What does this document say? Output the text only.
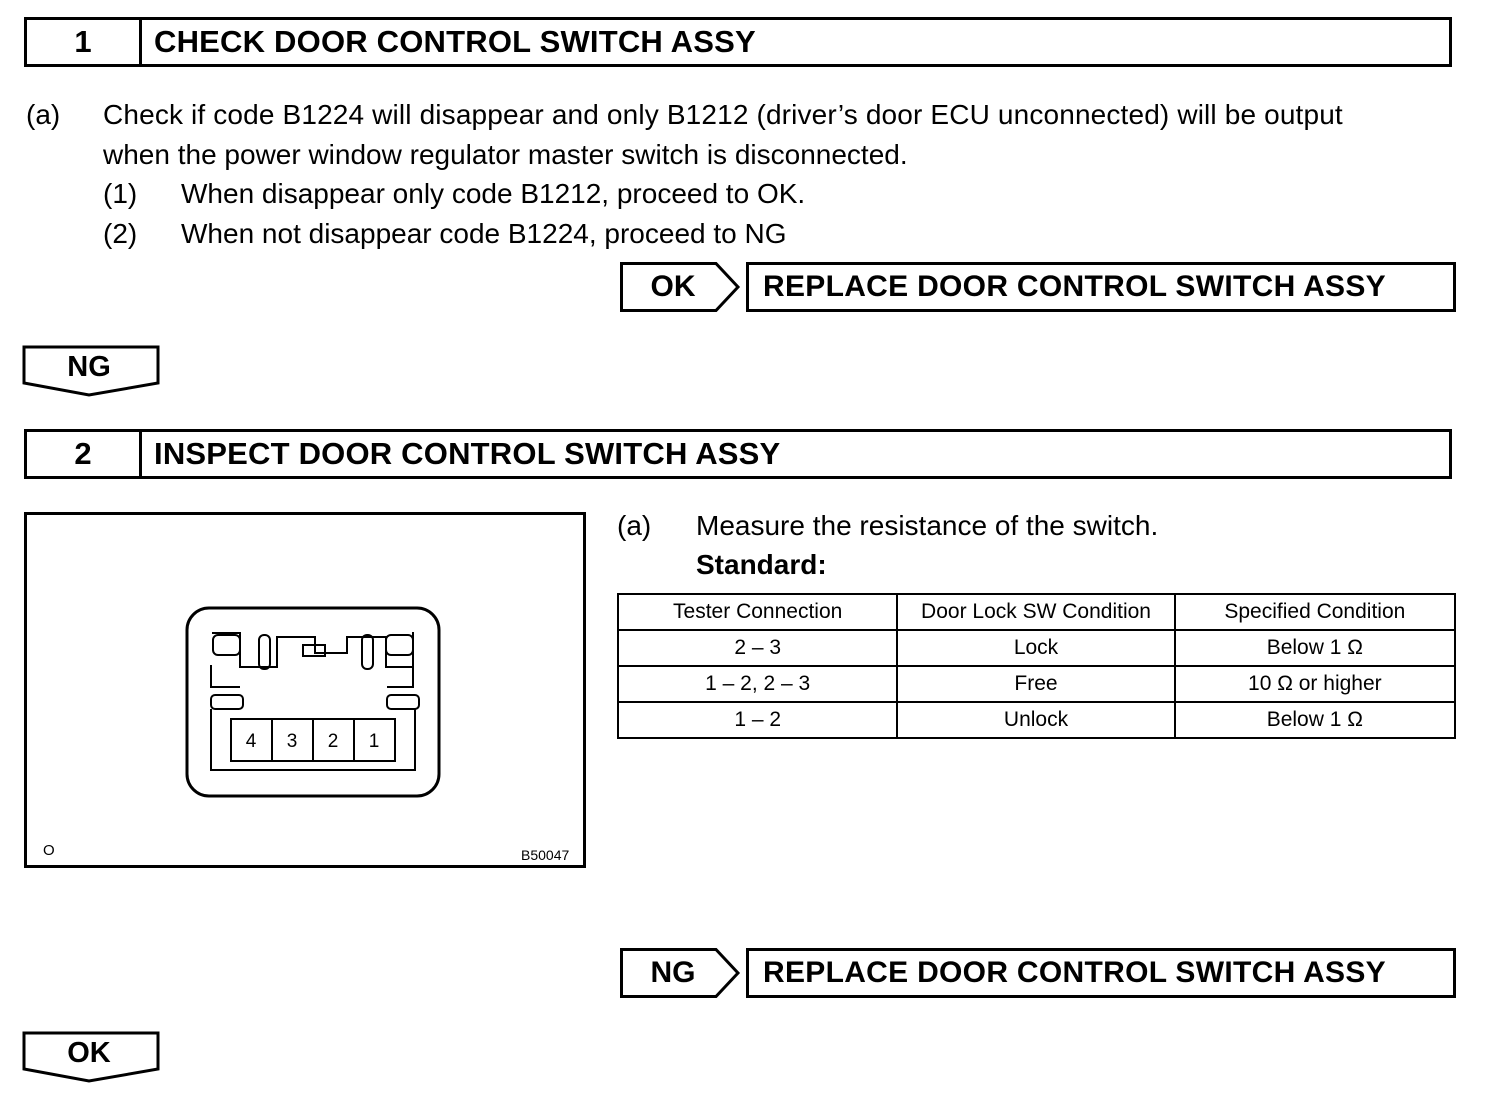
1	CHECK DOOR CONTROL SWITCH ASSY
(a) Check if code B1224 will disappear and only B1212 (driver’s door ECU unconnected) will be output
when the power window regulator master switch is disconnected.
(1) When disappear only code B1212, proceed to OK.
(2) When not disappear code B1224, proceed to NG
OK	REPLACE DOOR CONTROL SWITCH ASSY
NG
2	INSPECT DOOR CONTROL SWITCH ASSY
4 3 2 1
O	B50047
(a) Measure the resistance of the switch.
Standard:
Tester Connection	Door Lock SW Condition	Specified Condition
2 – 3	Lock	Below 1 Ω
1 – 2, 2 – 3	Free	10 Ω or higher
1 – 2	Unlock	Below 1 Ω
NG	REPLACE DOOR CONTROL SWITCH ASSY
OK
